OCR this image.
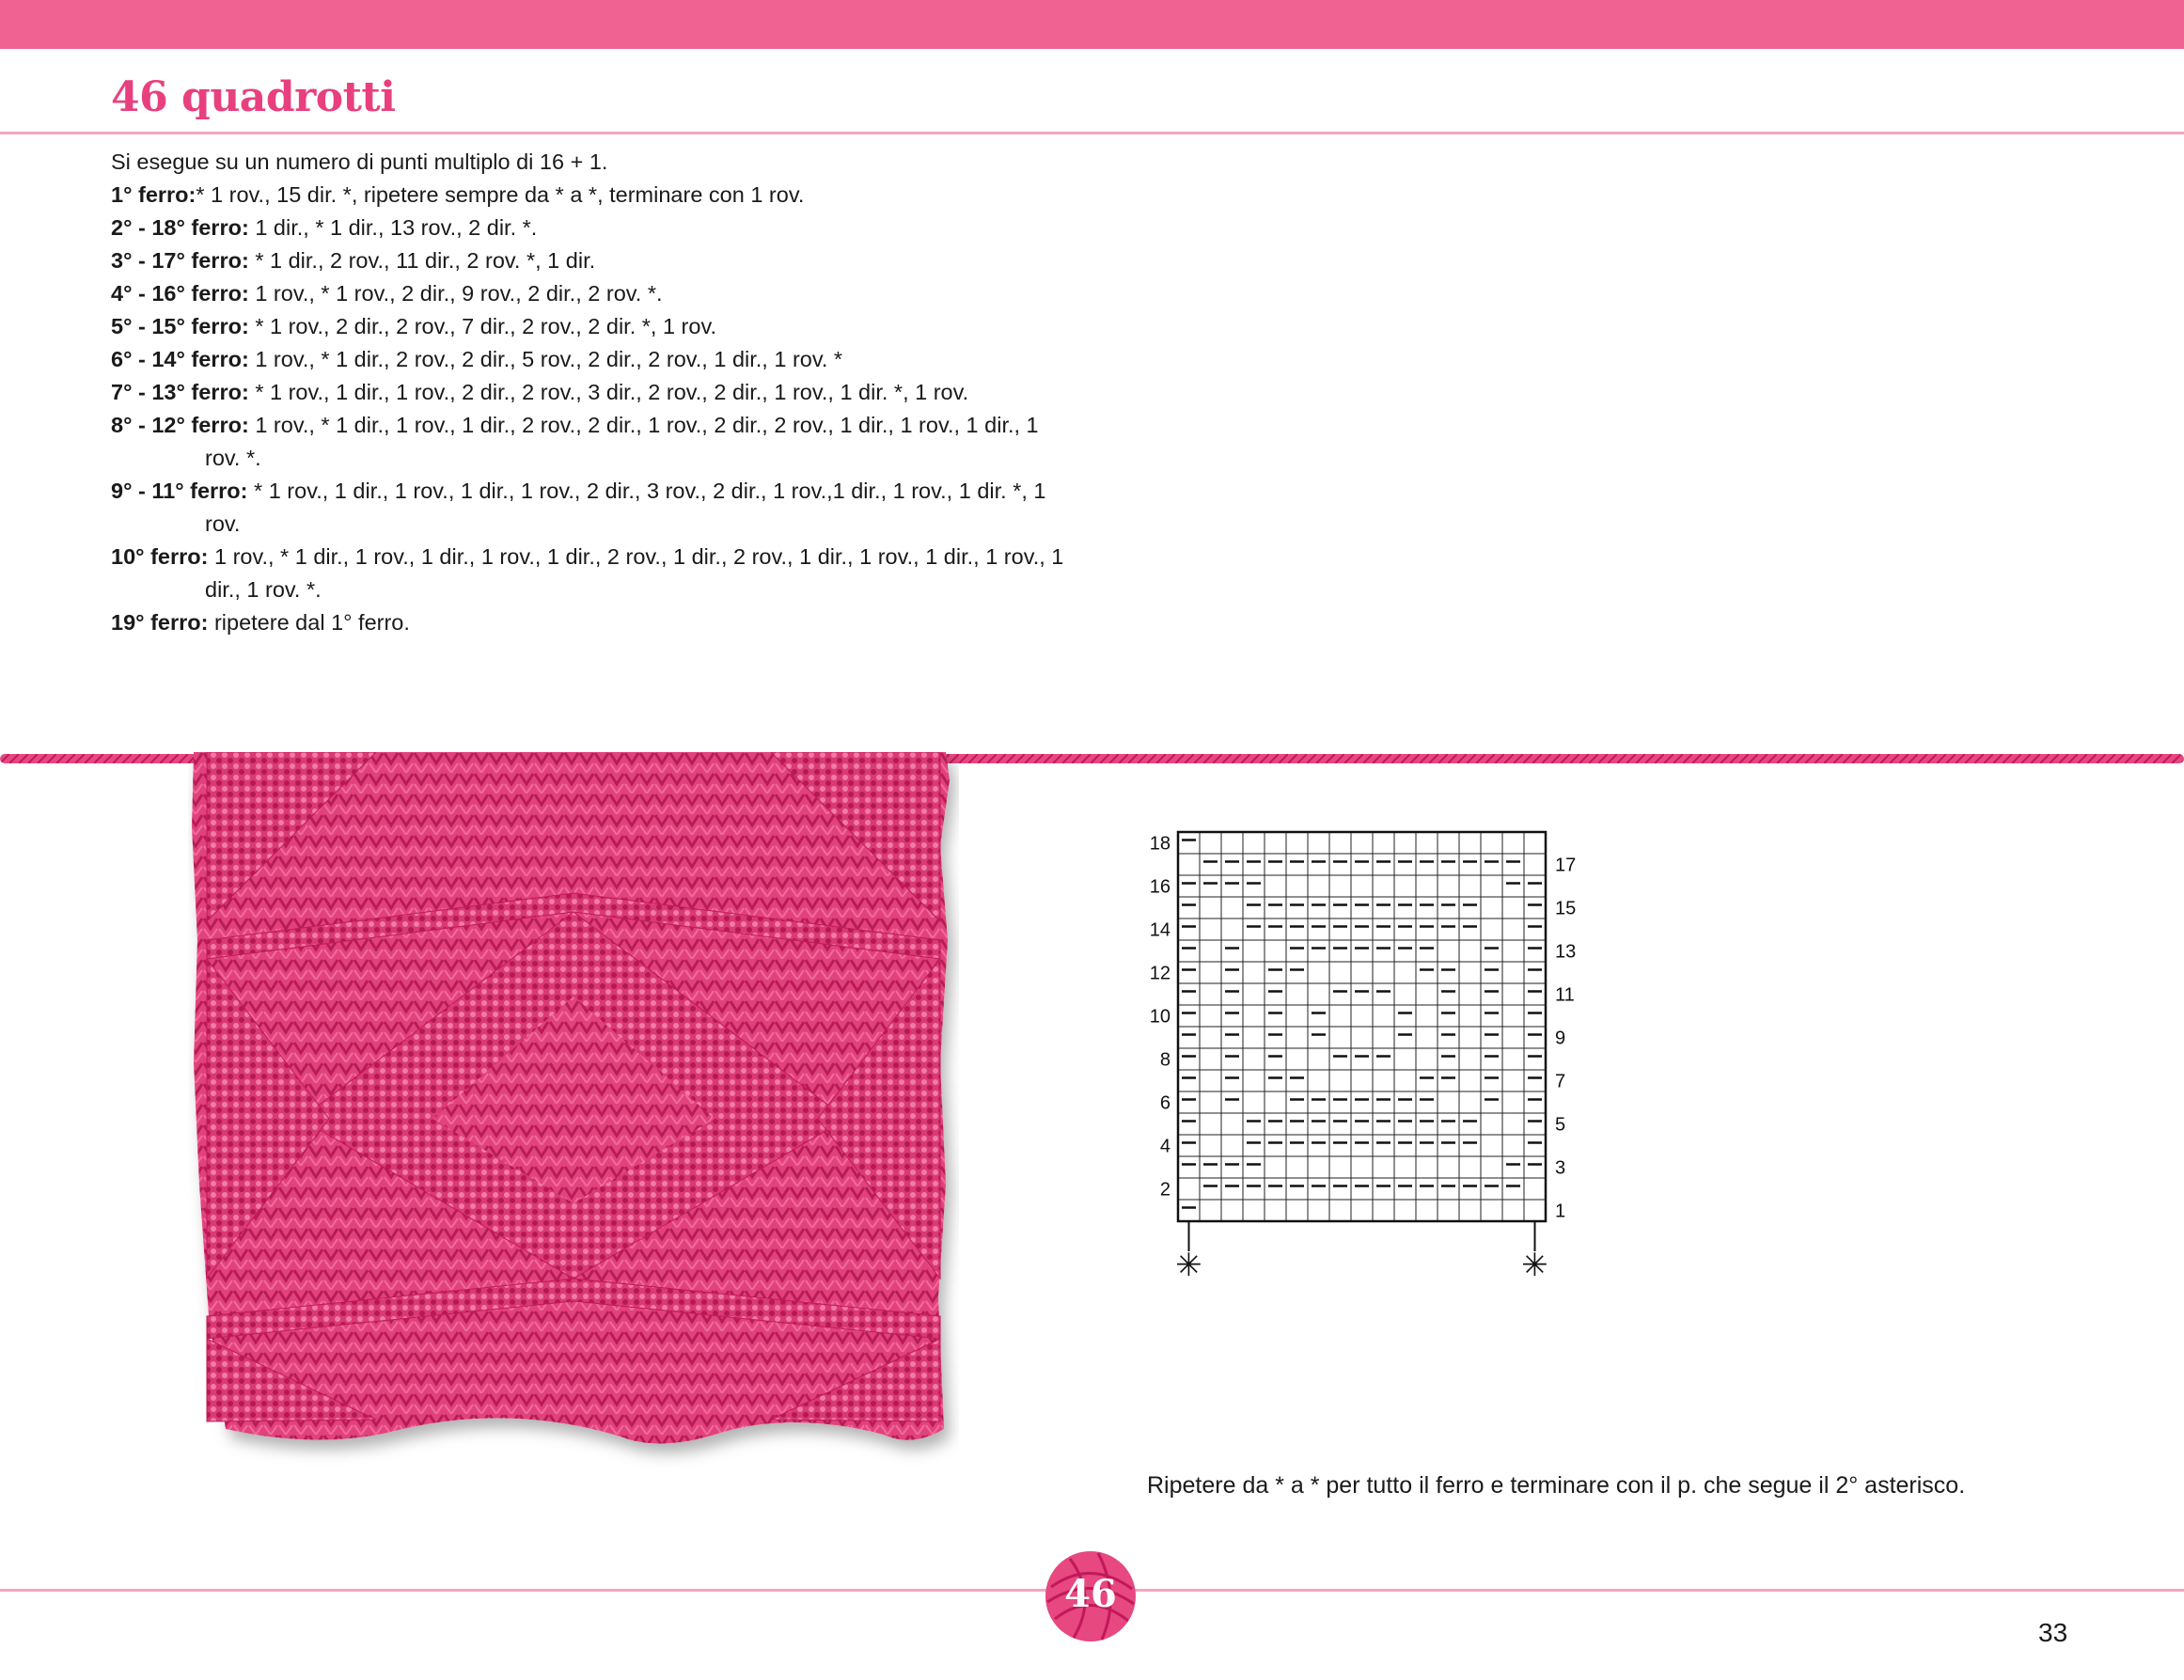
46 quadrotti
Si esegue su un numero di punti multiplo di 16 + 1.
1° ferro:* 1 rov., 15 dir. *, ripetere sempre da * a *, terminare con 1 rov.
2° - 18° ferro: 1 dir., * 1 dir., 13 rov., 2 dir. *.
3° - 17° ferro: * 1 dir., 2 rov., 11 dir., 2 rov. *, 1 dir.
4° - 16° ferro: 1 rov., * 1 rov., 2 dir., 9 rov., 2 dir., 2 rov. *.
5° - 15° ferro: * 1 rov., 2 dir., 2 rov., 7 dir., 2 rov., 2 dir. *, 1 rov.
6° - 14° ferro: 1 rov., * 1 dir., 2 rov., 2 dir., 5 rov., 2 dir., 2 rov., 1 dir., 1 rov. *
7° - 13° ferro: * 1 rov., 1 dir., 1 rov., 2 dir., 2 rov., 3 dir., 2 rov., 2 dir., 1 rov., 1 dir. *, 1 rov.
8° - 12° ferro: 1 rov., * 1 dir., 1 rov., 1 dir., 2 rov., 2 dir., 1 rov., 2 dir., 2 rov., 1 dir., 1 rov., 1 dir., 1 rov. *.
9° - 11° ferro: * 1 rov., 1 dir., 1 rov., 1 dir., 1 rov., 2 dir., 3 rov., 2 dir., 1 rov.,1 dir., 1 rov., 1 dir. *, 1 rov.
10° ferro: 1 rov., * 1 dir., 1 rov., 1 dir., 1 rov., 1 dir., 2 rov., 1 dir., 2 rov., 1 dir., 1 rov., 1 dir., 1 rov., 1 dir., 1 rov. *.
19° ferro: ripetere dal 1° ferro.
18
16
14
12
10
8
6
4
2
17
15
13
11
9
7
5
3
1
✳	✳
Ripetere da * a * per tutto il ferro e terminare con il p. che segue il 2° asterisco.
46
33
